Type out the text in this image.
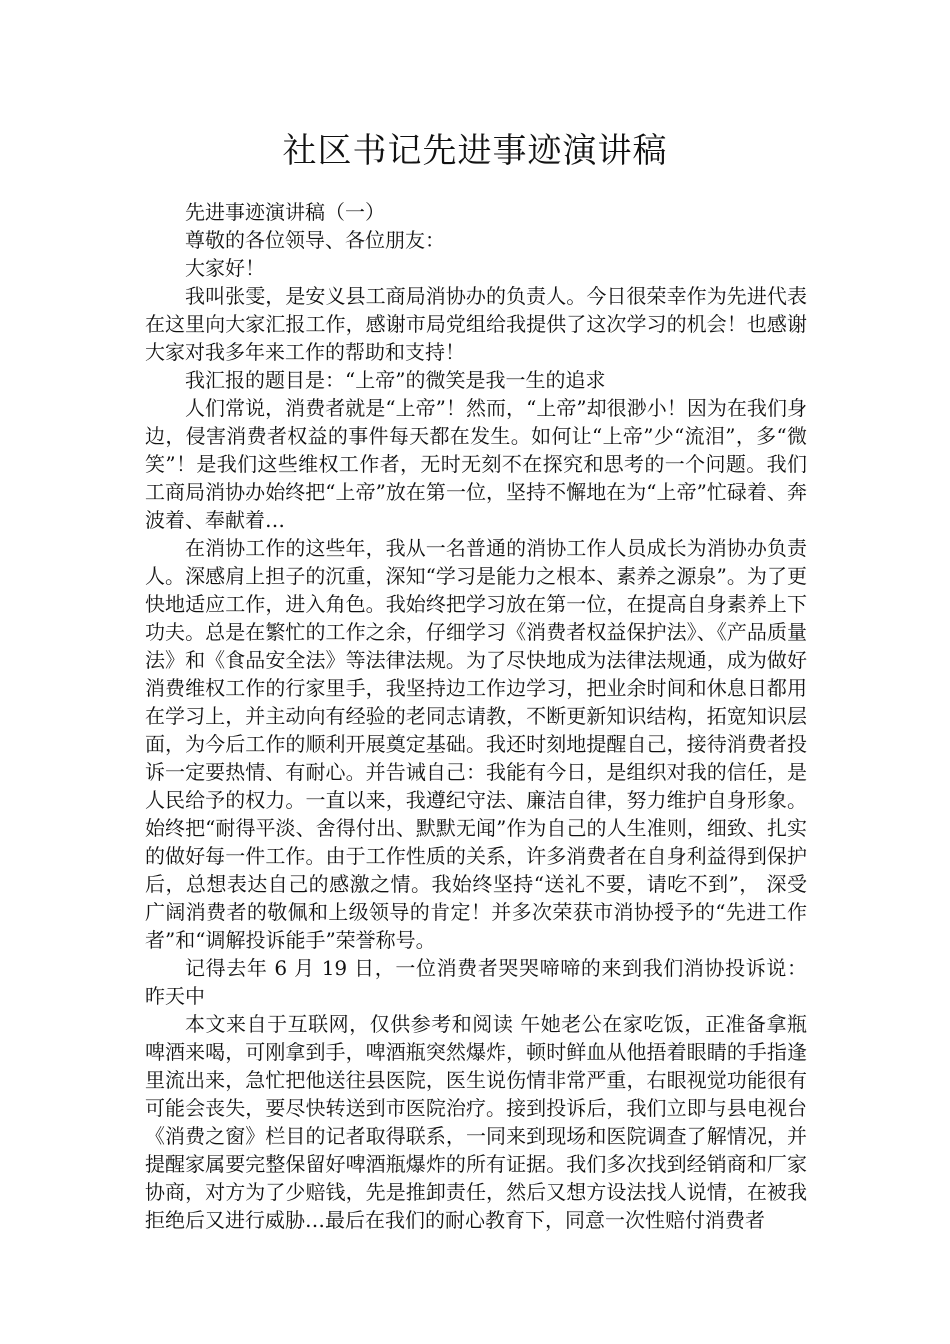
社区书记先进事迹演讲稿

先进事迹演讲稿（一）

尊敬的各位领导、各位朋友：

大家好！

我叫张雯，是安义县工商局消协办的负责人。今日很荣幸作为先进代表在这里向大家汇报工作，感谢市局党组给我提供了这次学习的机会！也感谢大家对我多年来工作的帮助和支持！

我汇报的题目是：“上帝”的微笑是我一生的追求

人们常说，消费者就是“上帝”！然而，“上帝”却很渺小！因为在我们身边，侵害消费者权益的事件每天都在发生。如何让“上帝”少“流泪”，多“微笑”！是我们这些维权工作者，无时无刻不在探究和思考的一个问题。我们工商局消协办始终把“上帝”放在第一位，坚持不懈地在为“上帝”忙碌着、奔波着、奉献着…

在消协工作的这些年，我从一名普通的消协工作人员成长为消协办负责人。深感肩上担子的沉重，深知“学习是能力之根本、素养之源泉”。为了更快地适应工作，进入角色。我始终把学习放在第一位，在提高自身素养上下功夫。总是在繁忙的工作之余，仔细学习《消费者权益保护法》、《产品质量法》和《食品安全法》等法律法规。为了尽快地成为法律法规通，成为做好消费维权工作的行家里手，我坚持边工作边学习，把业余时间和休息日都用在学习上，并主动向有经验的老同志请教，不断更新知识结构，拓宽知识层面，为今后工作的顺利开展奠定基础。我还时刻地提醒自己，接待消费者投诉一定要热情、有耐心。并告诫自己：我能有今日，是组织对我的信任，是人民给予的权力。一直以来，我遵纪守法、廉洁自律，努力维护自身形象。始终把“耐得平淡、舍得付出、默默无闻”作为自己的人生准则，细致、扎实的做好每一件工作。由于工作性质的关系，许多消费者在自身利益得到保护后，总想表达自己的感激之情。我始终坚持“送礼不要，请吃不到”， 深受广阔消费者的敬佩和上级领导的肯定！并多次荣获市消协授予的“先进工作者”和“调解投诉能手”荣誉称号。

记得去年 6 月 19 日，一位消费者哭哭啼啼的来到我们消协投诉说：昨天中

本文来自于互联网，仅供参考和阅读 午她老公在家吃饭，正准备拿瓶啤酒来喝，可刚拿到手，啤酒瓶突然爆炸，顿时鲜血从他捂着眼睛的手指逢里流出来，急忙把他送往县医院，医生说伤情非常严重，右眼视觉功能很有可能会丧失，要尽快转送到市医院治疗。接到投诉后，我们立即与县电视台《消费之窗》栏目的记者取得联系，一同来到现场和医院调查了解情况，并提醒家属要完整保留好啤酒瓶爆炸的所有证据。我们多次找到经销商和厂家协商，对方为了少赔钱，先是推卸责任，然后又想方设法找人说情，在被我拒绝后又进行威胁…最后在我们的耐心教育下，同意一次性赔付消费者
